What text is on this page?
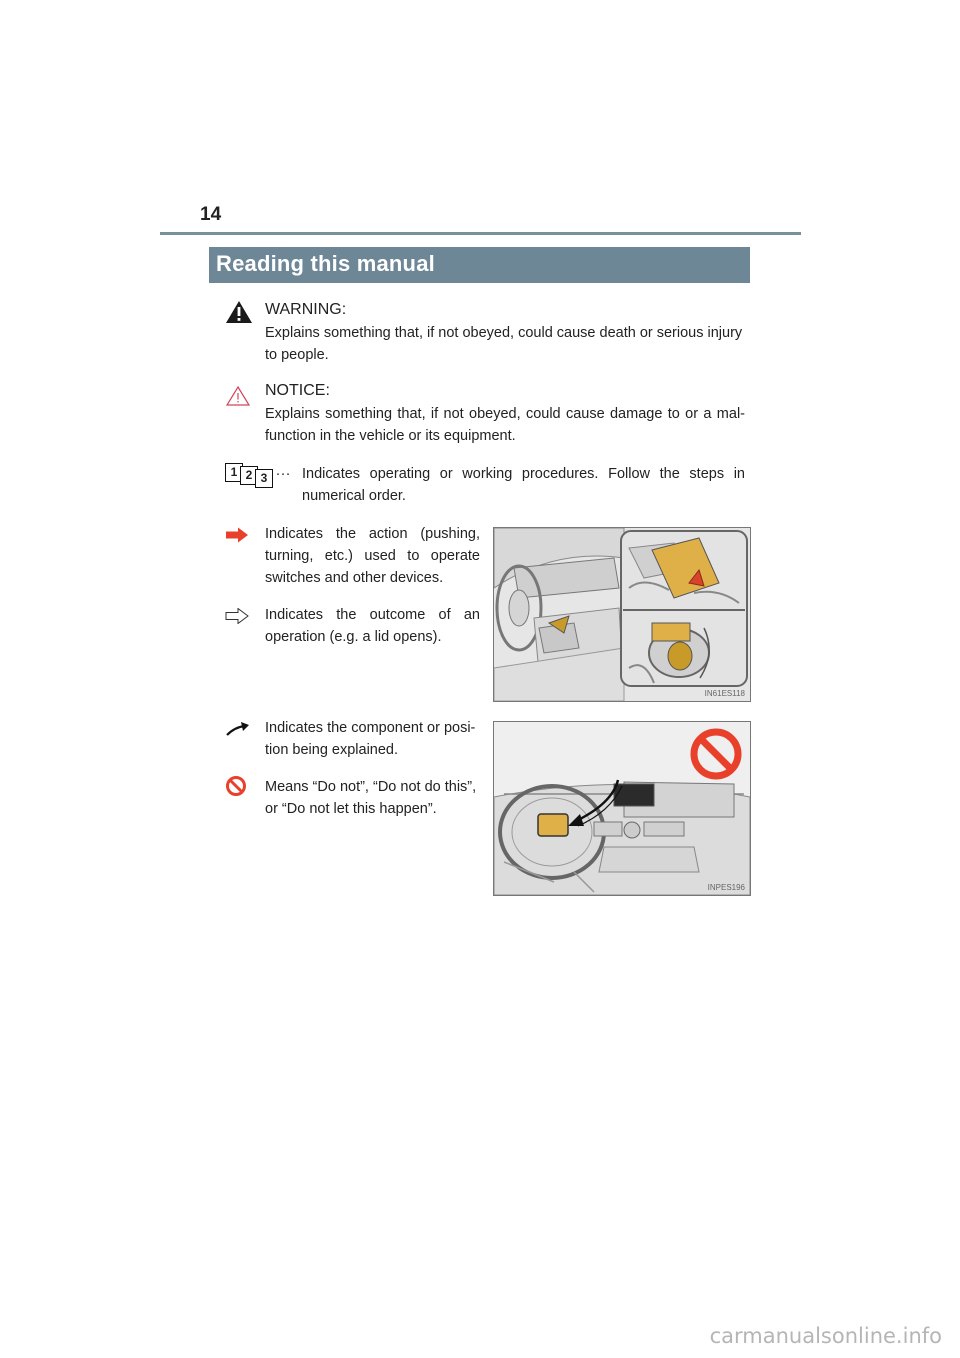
14
Reading this manual
WARNING:
Explains something that, if not obeyed, could cause death or serious injury to people.
NOTICE:
Explains something that, if not obeyed, could cause damage to or a mal-
function in the vehicle or its equipment.
1 2 3 ... Indicates operating or working procedures. Follow the steps in
numerical order.
Indicates the action (pushing,
turning, etc.) used to operate
switches and other devices.
Indicates the outcome of an
operation (e.g. a lid opens).
IN61ES118
Indicates the component or posi-
tion being explained.
Means “Do not”, “Do not do this”,
or “Do not let this happen”.
INPES196
carmanualsonline.info
